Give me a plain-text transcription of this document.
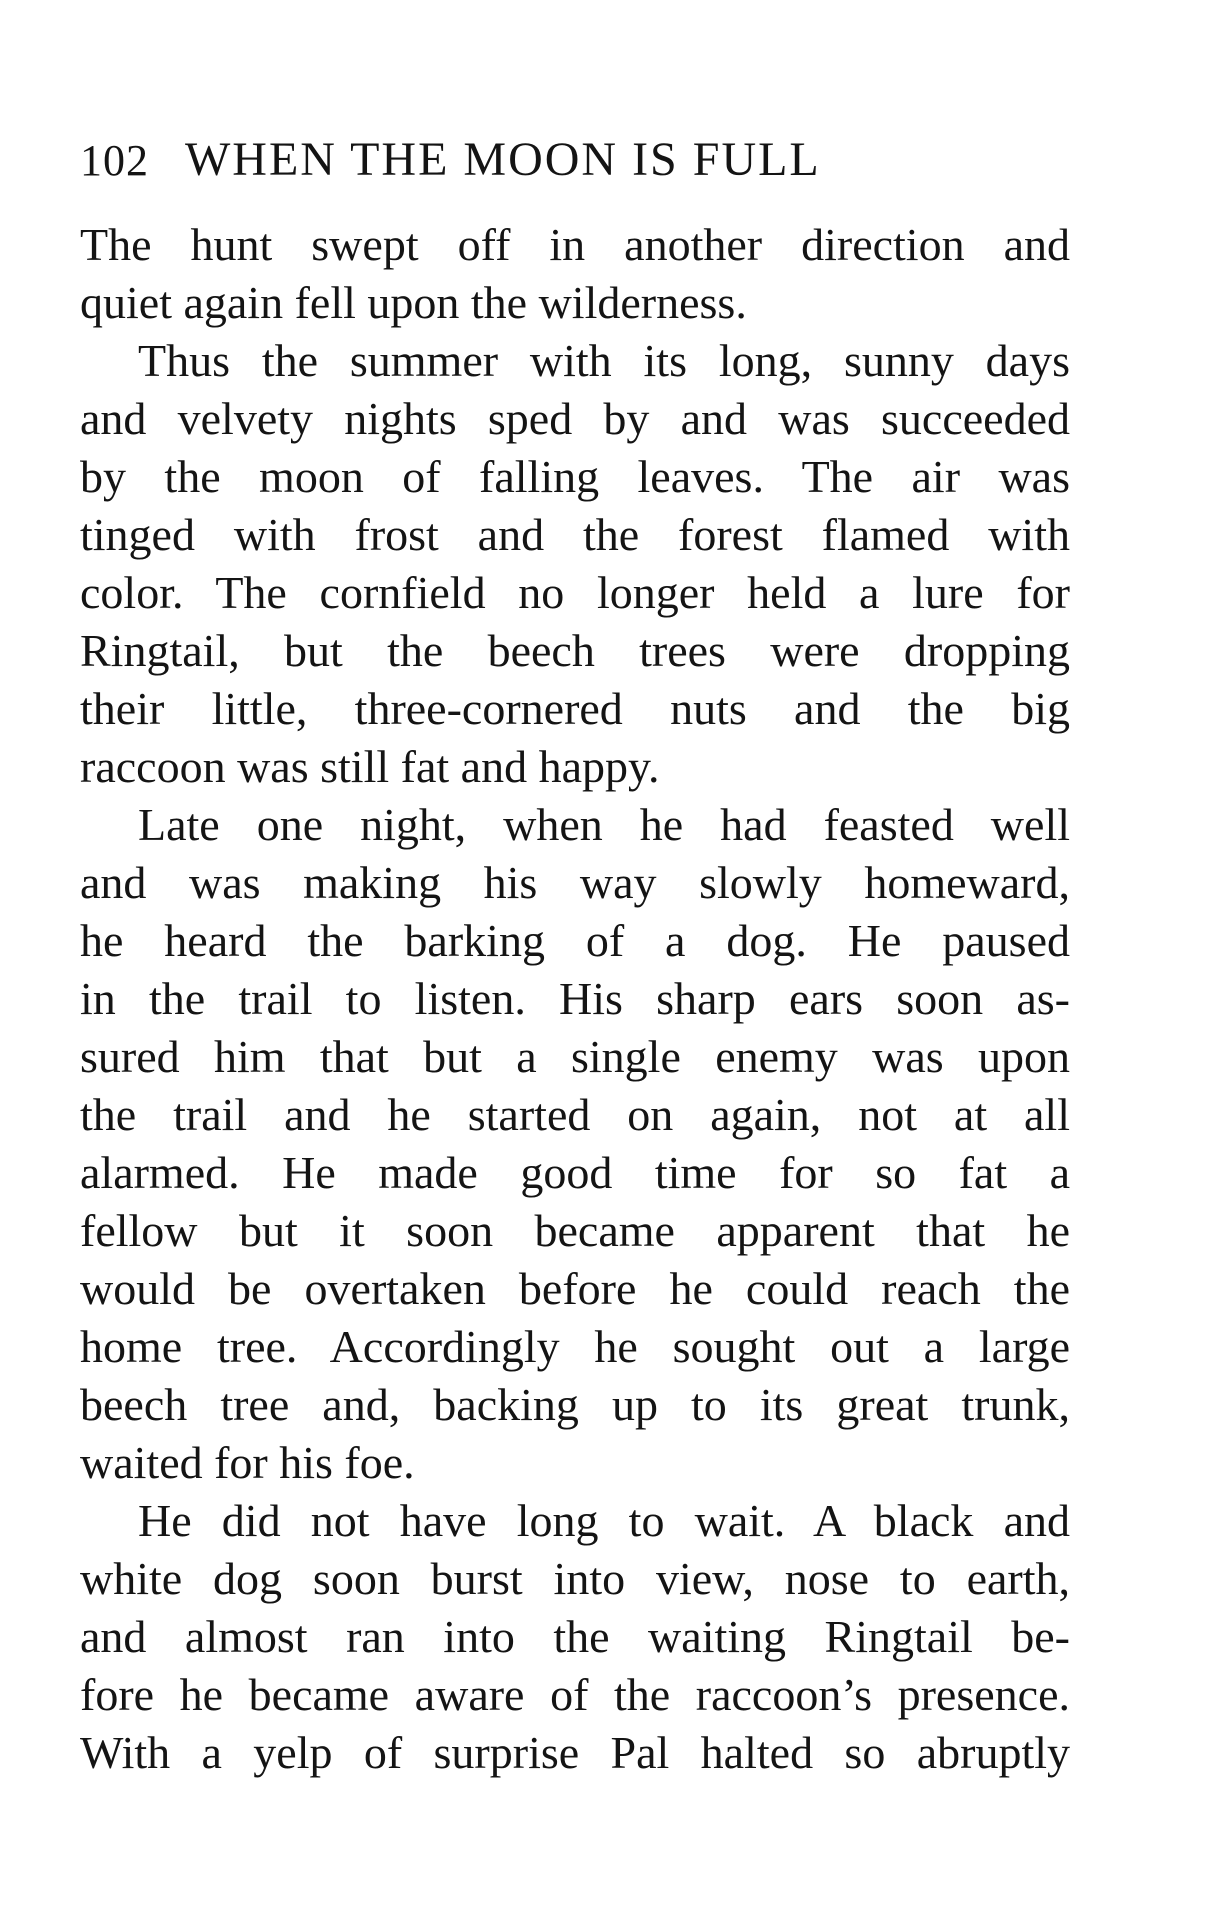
102 WHEN THE MOON IS FULL
The hunt swept off in another direction and
quiet again fell upon the wilderness.
Thus the summer with its long, sunny days
and velvety nights sped by and was succeeded
by the moon of falling leaves. The air was
tinged with frost and the forest flamed with
color. The cornfield no longer held a lure for
Ringtail, but the beech trees were dropping
their little, three-cornered nuts and the big
raccoon was still fat and happy.
Late one night, when he had feasted well
and was making his way slowly homeward,
he heard the barking of a dog. He paused
in the trail to listen. His sharp ears soon as-
sured him that but a single enemy was upon
the trail and he started on again, not at all
alarmed. He made good time for so fat a
fellow but it soon became apparent that he
would be overtaken before he could reach the
home tree. Accordingly he sought out a large
beech tree and, backing up to its great trunk,
waited for his foe.
He did not have long to wait. A black and
white dog soon burst into view, nose to earth,
and almost ran into the waiting Ringtail be-
fore he became aware of the raccoon’s presence.
With a yelp of surprise Pal halted so abruptly
